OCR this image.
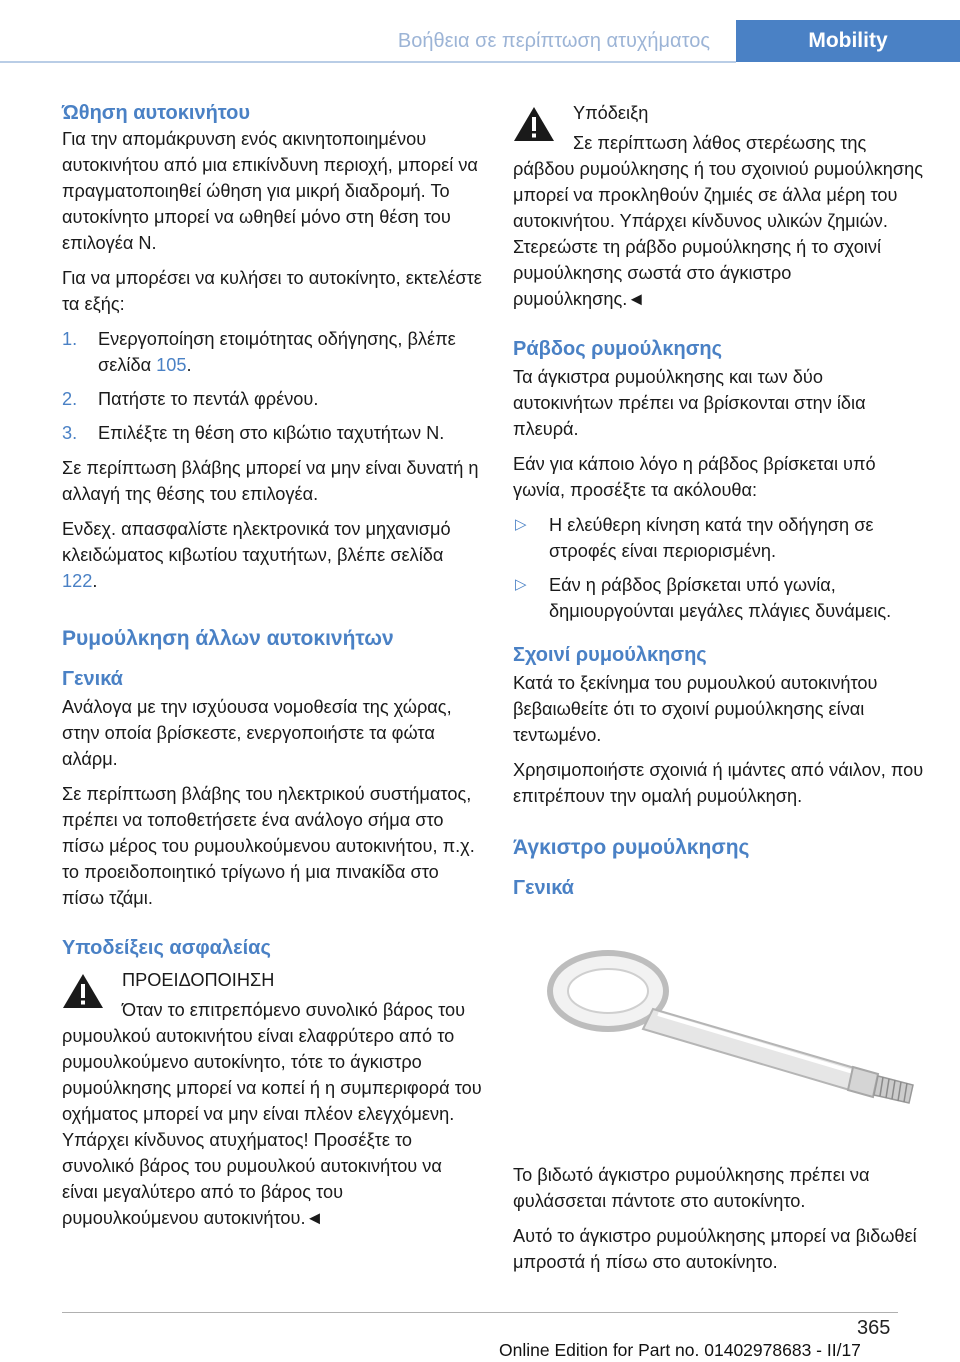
Βοήθεια σε περίπτωση ατυχήματος	Mobility
Ώθηση αυτοκινήτου

Για την απομάκρυνση ενός ακινητοποιημένου αυτοκινήτου από μια επικίνδυνη περιοχή, μπορεί να πραγματοποιηθεί ώθηση για μικρή διαδρομή. Το αυτοκίνητο μπορεί να ωθηθεί μόνο στη θέση του επιλογέα N.

Για να μπορέσει να κυλήσει το αυτοκίνητο, εκτελέστε τα εξής:

1. Ενεργοποίηση ετοιμότητας οδήγησης, βλέπε σελίδα 105.
2. Πατήστε το πεντάλ φρένου.
3. Επιλέξτε τη θέση στο κιβώτιο ταχυτήτων N.

Σε περίπτωση βλάβης μπορεί να μην είναι δυνατή η αλλαγή της θέσης του επιλογέα.

Ενδεχ. απασφαλίστε ηλεκτρονικά τον μηχανισμό κλειδώματος κιβωτίου ταχυτήτων, βλέπε σελίδα 122.

Ρυμούλκηση άλλων αυτοκινήτων
Γενικά

Ανάλογα με την ισχύουσα νομοθεσία της χώρας, στην οποία βρίσκεστε, ενεργοποιήστε τα φώτα αλάρμ.

Σε περίπτωση βλάβης του ηλεκτρικού συστήματος, πρέπει να τοποθετήσετε ένα ανάλογο σήμα στο πίσω μέρος του ρυμουλκούμενου αυτοκινήτου, π.χ. το προειδοποιητικό τρίγωνο ή μια πινακίδα στο πίσω τζάμι.

Υποδείξεις ασφαλείας

ΠΡΟΕΙΔΟΠΟΙΗΣΗ

Όταν το επιτρεπόμενο συνολικό βάρος του ρυμουλκού αυτοκινήτου είναι ελαφρύτερο από το ρυμουλκούμενο αυτοκίνητο, τότε το άγκιστρο ρυμούλκησης μπορεί να κοπεί ή η συμπεριφορά του οχήματος μπορεί να μην είναι πλέον ελεγχόμενη. Υπάρχει κίνδυνος ατυχήματος! Προσέξτε το συνολικό βάρος του ρυμουλκού αυτοκινήτου να είναι μεγαλύτερο από το βάρος του ρυμουλκούμενου αυτοκινήτου.◄

Υπόδειξη

Σε περίπτωση λάθος στερέωσης της ράβδου ρυμούλκησης ή του σχοινιού ρυμούλκησης μπορεί να προκληθούν ζημιές σε άλλα μέρη του αυτοκινήτου. Υπάρχει κίνδυνος υλικών ζημιών. Στερεώστε τη ράβδο ρυμούλκησης ή το σχοινί ρυμούλκησης σωστά στο άγκιστρο ρυμούλκησης.◄

Ράβδος ρυμούλκησης

Τα άγκιστρα ρυμούλκησης και των δύο αυτοκινήτων πρέπει να βρίσκονται στην ίδια πλευρά.

Εάν για κάποιο λόγο η ράβδος βρίσκεται υπό γωνία, προσέξτε τα ακόλουθα:

▷ Η ελεύθερη κίνηση κατά την οδήγηση σε στροφές είναι περιορισμένη.
▷ Εάν η ράβδος βρίσκεται υπό γωνία, δημιουργούνται μεγάλες πλάγιες δυνάμεις.
Σχοινί ρυμούλκησης

Κατά το ξεκίνημα του ρυμουλκού αυτοκινήτου βεβαιωθείτε ότι το σχοινί ρυμούλκησης είναι τεντωμένο.

Χρησιμοποιήστε σχοινιά ή ιμάντες από νάιλον, που επιτρέπουν την ομαλή ρυμούλκηση.

Άγκιστρο ρυμούλκησης
Γενικά

Το βιδωτό άγκιστρο ρυμούλκησης πρέπει να φυλάσσεται πάντοτε στο αυτοκίνητο.

Αυτό το άγκιστρο ρυμούλκησης μπορεί να βιδωθεί μπροστά ή πίσω στο αυτοκίνητο.

365
Online Edition for Part no. 01402978683 - II/17
